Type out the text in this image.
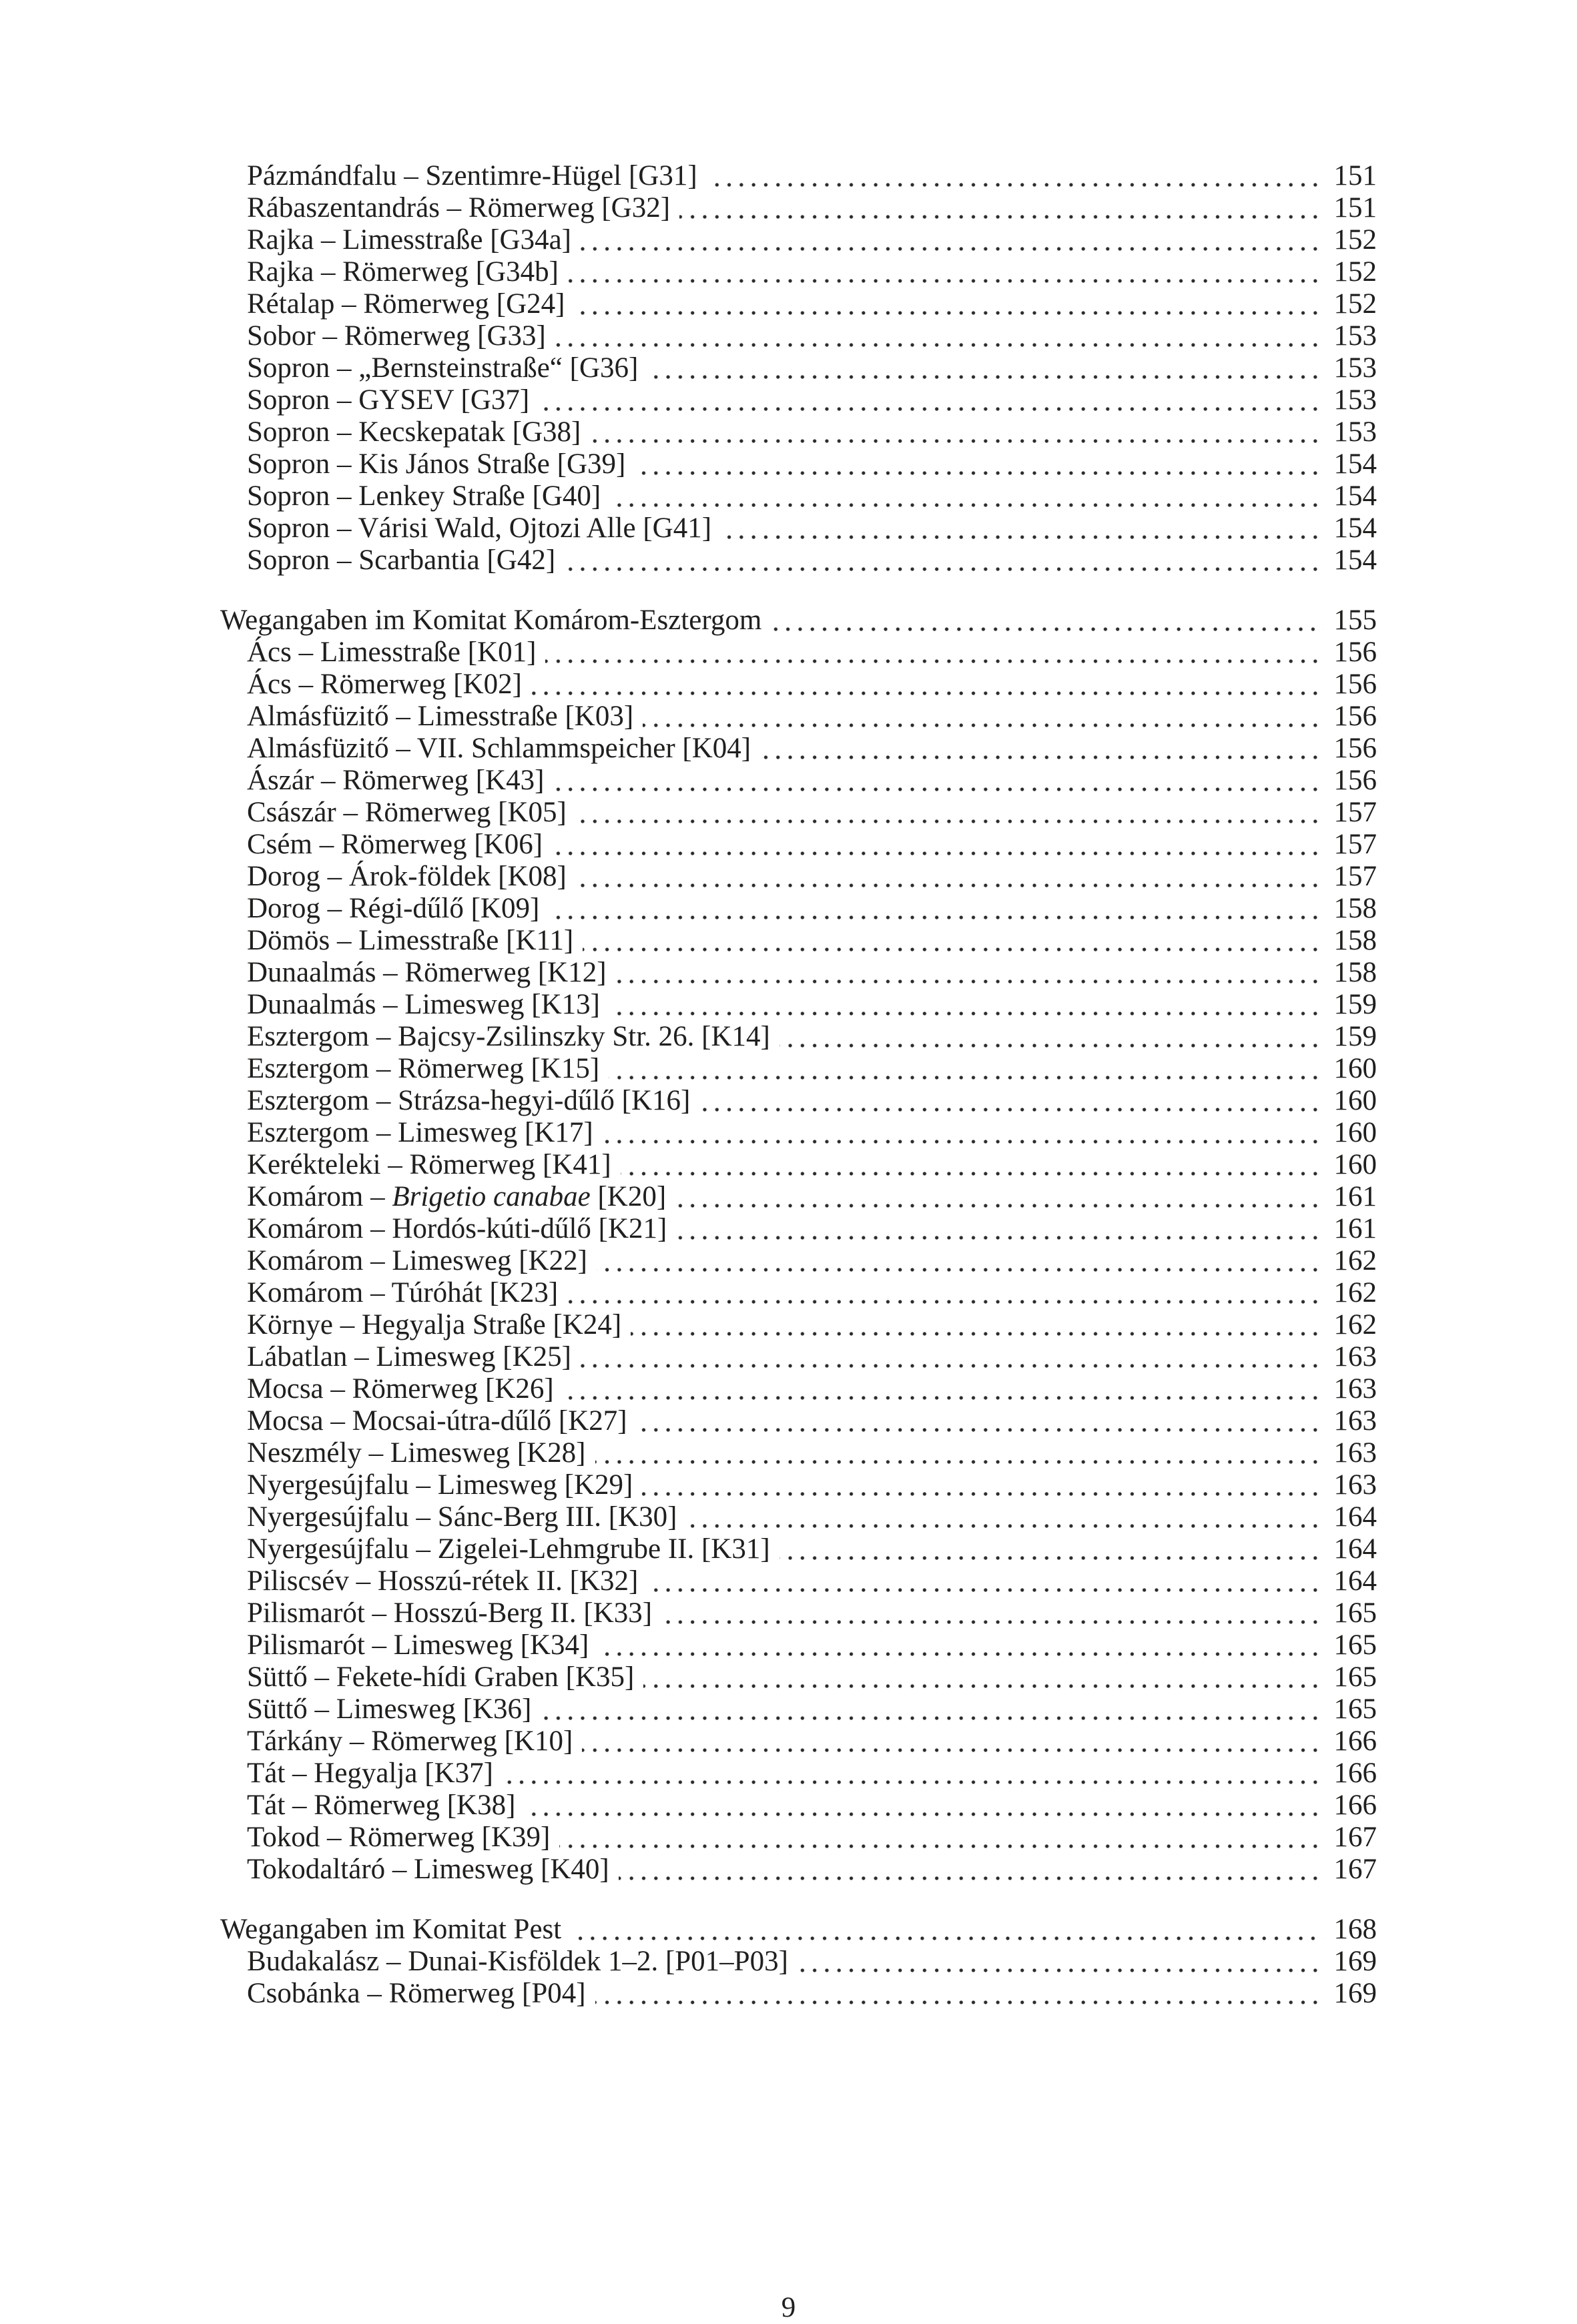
Pázmándfalu – Szentimre-Hügel [G31]	151
Rábaszentandrás – Römerweg [G32]	151
Rajka – Limesstraße [G34a]	152
Rajka – Römerweg [G34b]	152
Rétalap – Römerweg [G24]	152
Sobor – Römerweg [G33]	153
Sopron – „Bernsteinstraße“ [G36]	153
Sopron – GYSEV [G37]	153
Sopron – Kecskepatak [G38]	153
Sopron – Kis János Straße [G39]	154
Sopron – Lenkey Straße [G40]	154
Sopron – Várisi Wald, Ojtozi Alle [G41]	154
Sopron – Scarbantia [G42]	154
Wegangaben im Komitat Komárom-Esztergom	155
Ács – Limesstraße [K01]	156
Ács – Römerweg [K02]	156
Almásfüzitő – Limesstraße [K03]	156
Almásfüzitő – VII. Schlammspeicher [K04]	156
Ászár – Römerweg [K43]	156
Császár – Römerweg [K05]	157
Csém – Römerweg [K06]	157
Dorog – Árok-földek [K08]	157
Dorog – Régi-dűlő [K09]	158
Dömös – Limesstraße [K11]	158
Dunaalmás – Römerweg [K12]	158
Dunaalmás – Limesweg [K13]	159
Esztergom – Bajcsy-Zsilinszky Str. 26. [K14]	159
Esztergom – Römerweg [K15]	160
Esztergom – Strázsa-hegyi-dűlő [K16]	160
Esztergom – Limesweg [K17]	160
Kerékteleki – Römerweg [K41]	160
Komárom – Brigetio canabae [K20]	161
Komárom – Hordós-kúti-dűlő [K21]	161
Komárom – Limesweg [K22]	162
Komárom – Túróhát [K23]	162
Környe – Hegyalja Straße [K24]	162
Lábatlan – Limesweg [K25]	163
Mocsa – Römerweg [K26]	163
Mocsa – Mocsai-útra-dűlő [K27]	163
Neszmély – Limesweg [K28]	163
Nyergesújfalu – Limesweg [K29]	163
Nyergesújfalu – Sánc-Berg III. [K30]	164
Nyergesújfalu – Zigelei-Lehmgrube II. [K31]	164
Piliscsév – Hosszú-rétek II. [K32]	164
Pilismarót – Hosszú-Berg II. [K33]	165
Pilismarót – Limesweg [K34]	165
Süttő – Fekete-hídi Graben [K35]	165
Süttő – Limesweg [K36]	165
Tárkány – Römerweg [K10]	166
Tát – Hegyalja [K37]	166
Tát – Römerweg [K38]	166
Tokod – Römerweg [K39]	167
Tokodaltáró – Limesweg [K40]	167
Wegangaben im Komitat Pest	168
Budakalász – Dunai-Kisföldek 1–2. [P01–P03]	169
Csobánka – Römerweg [P04]	169
9
